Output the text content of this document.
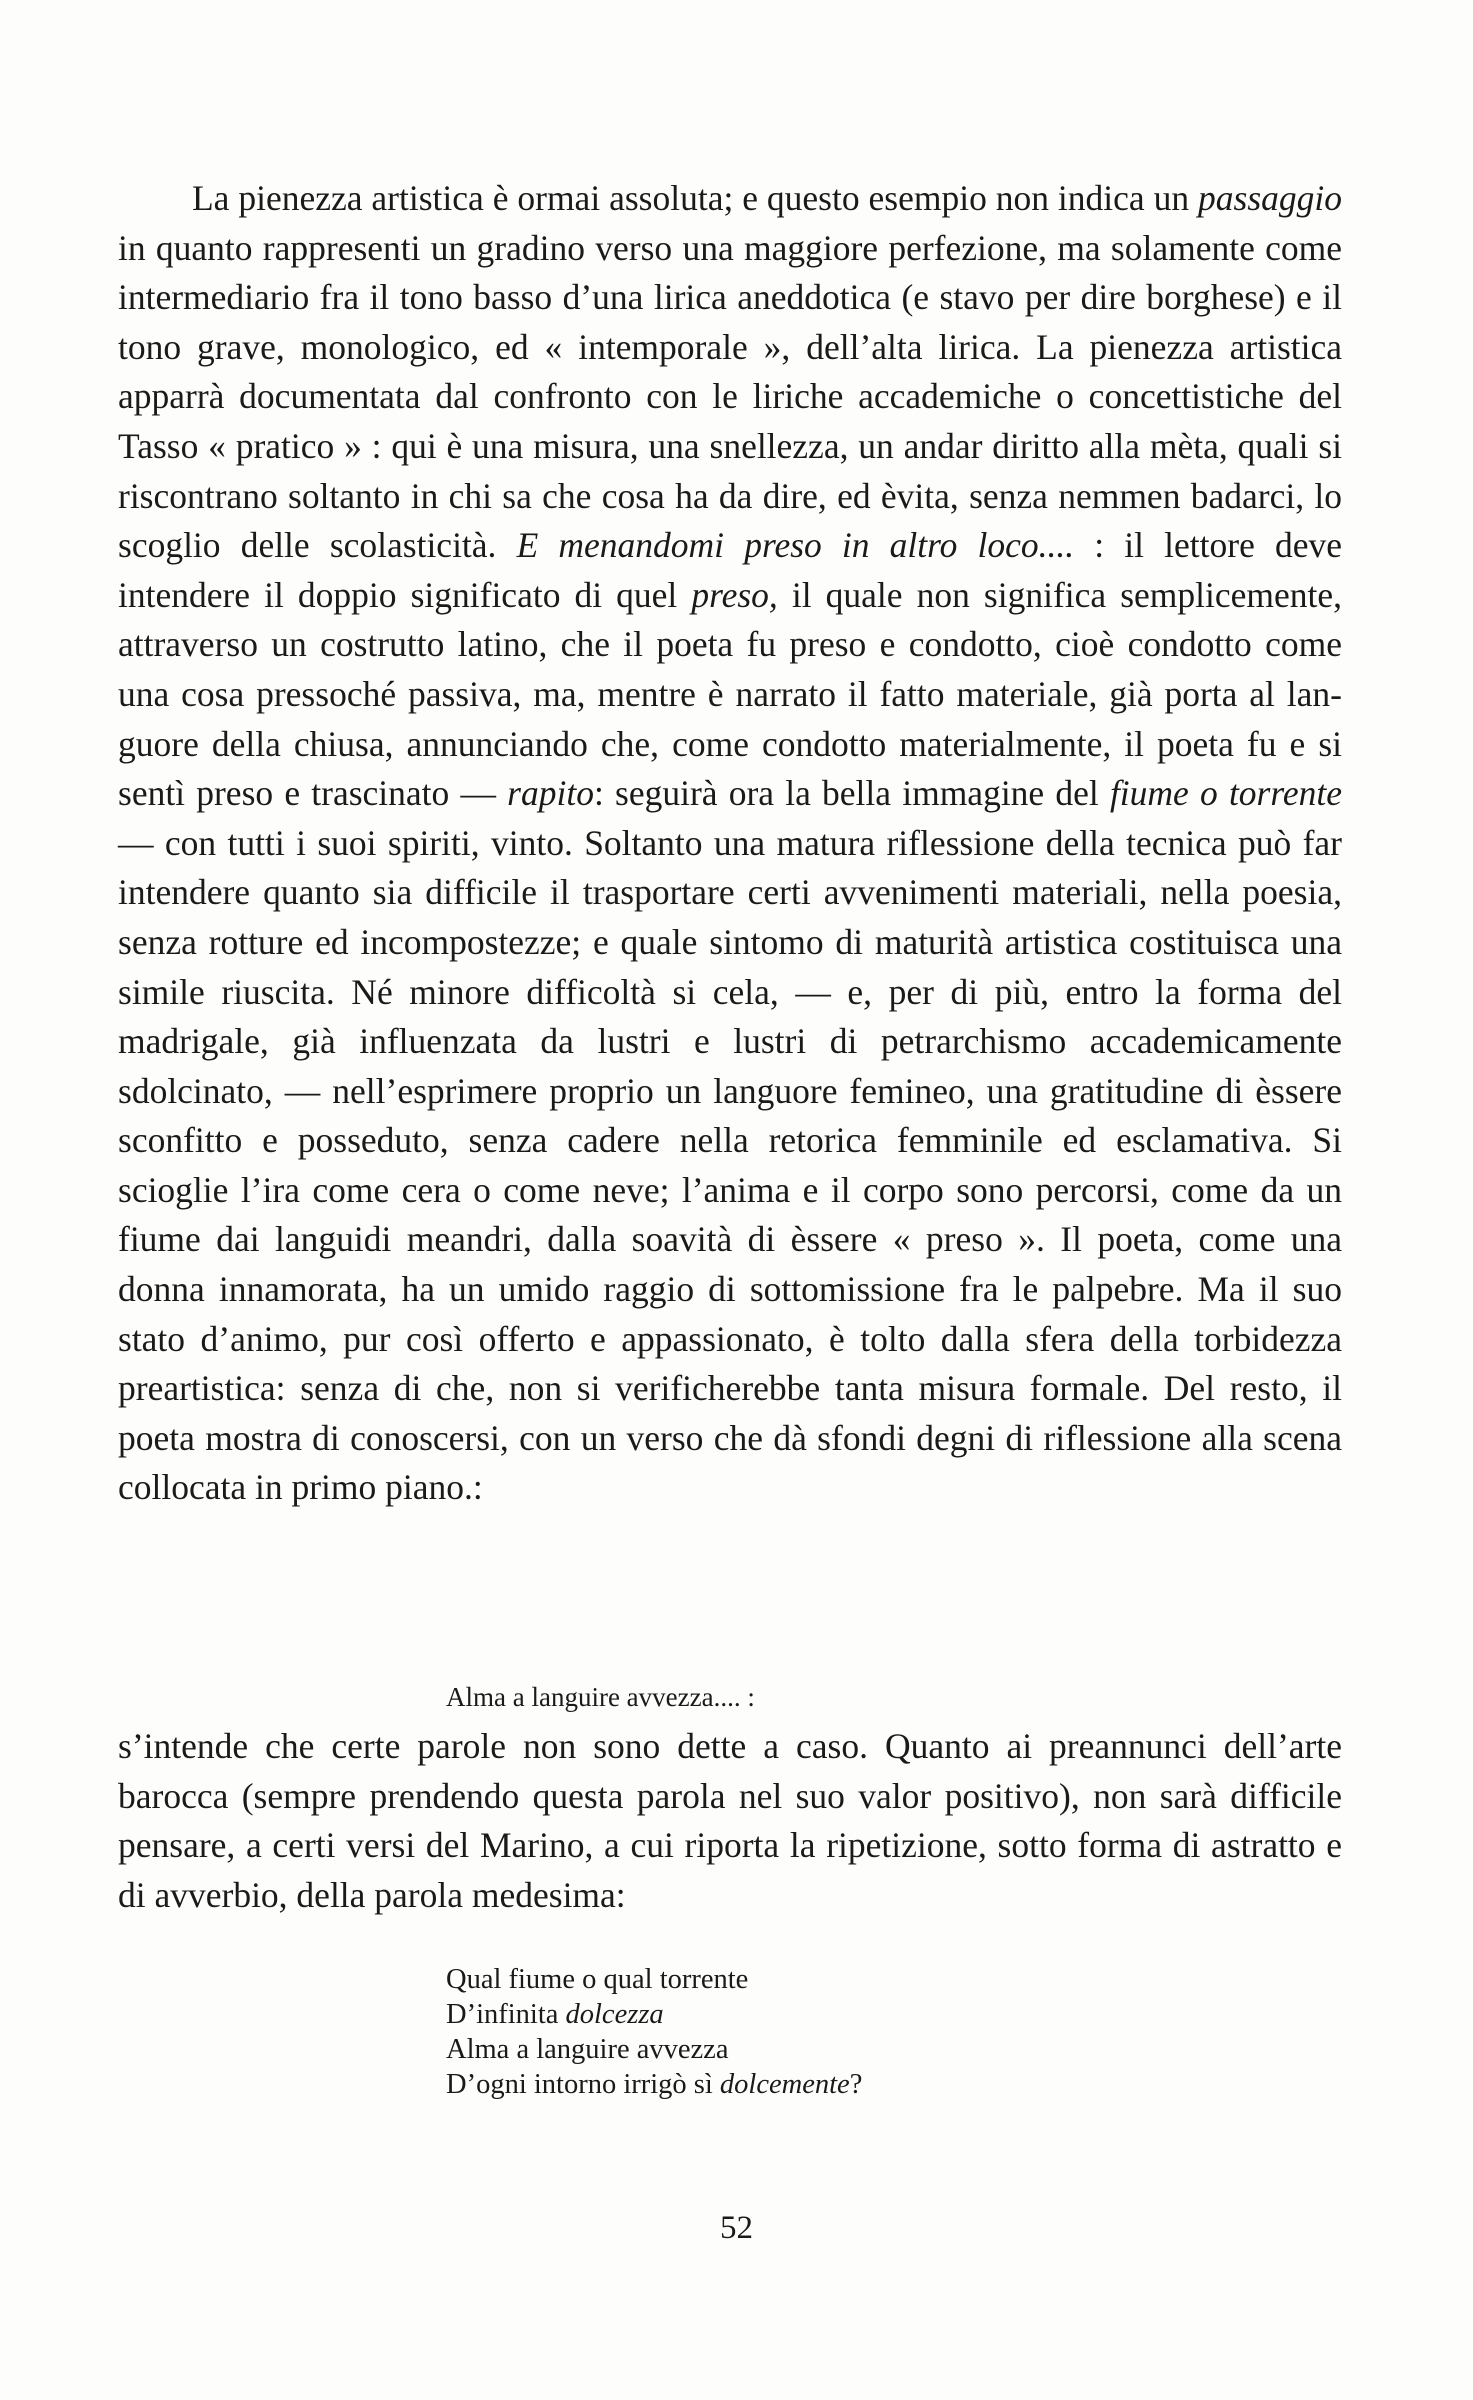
La pienezza artistica è ormai assoluta; e questo esempio non indica un passaggio in quanto rappresenti un gradino verso una maggiore perfezione, ma solamente come intermediario fra il tono basso d’una lirica aneddotica (e stavo per dire borghese) e il tono grave, monologico, ed « intemporale », dell’alta lirica. La pienezza artistica apparrà documentata dal confronto con le liriche accademiche o concettistiche del Tasso « pratico » : qui è una misura, una snellezza, un andar diritto alla mèta, quali si riscontrano soltanto in chi sa che cosa ha da dire, ed èvita, senza nemmen badarci, lo scoglio delle scolasticità. E menandomi preso in altro loco.... : il lettore deve intendere il doppio significato di quel preso, il quale non significa semplicemente, attraverso un costrutto latino, che il poeta fu preso e condotto, cioè condotto come una cosa pressoché passiva, ma, mentre è narrato il fatto materiale, già porta al languore della chiusa, annunciando che, come condotto materialmente, il poeta fu e si sentì preso e trascinato — rapito: seguirà ora la bella immagine del fiume o torrente — con tutti i suoi spiriti, vinto. Soltanto una matura riflessione della tecnica può far intendere quanto sia difficile il trasportare certi avvenimenti materiali, nella poesia, senza rotture ed incompostezze; e quale sintomo di maturità artistica costituisca una simile riuscita. Né minore difficoltà si cela, — e, per di più, entro la forma del madrigale, già influenzata da lustri e lustri di petrarchismo accademicamente sdolcinato, — nell’esprimere proprio un languore femineo, una gratitudine di èssere sconfitto e posseduto, senza cadere nella retorica femminile ed esclamativa. Si scioglie l’ira come cera o come neve; l’anima e il corpo sono percorsi, come da un fiume dai languidi meandri, dalla soavità di èssere « preso ». Il poeta, come una donna innamorata, ha un umido raggio di sottomissione fra le palpebre. Ma il suo stato d’animo, pur così offerto e appassionato, è tolto dalla sfera della torbidezza preartistica: senza di che, non si verificherebbe tanta misura formale. Del resto, il poeta mostra di conoscersi, con un verso che dà sfondi degni di riflessione alla scena collocata in primo piano.:

Alma a languire avvezza.... :

s’intende che certe parole non sono dette a caso. Quanto ai preannunci dell’arte barocca (sempre prendendo questa parola nel suo valor positivo), non sarà difficile pensare, a certi versi del Marino, a cui riporta la ripetizione, sotto forma di astratto e di avverbio, della parola medesima:

Qual fiume o qual torrente
D’infinita dolcezza
Alma a languire avvezza
D’ogni intorno irrigò sì dolcemente?
52
